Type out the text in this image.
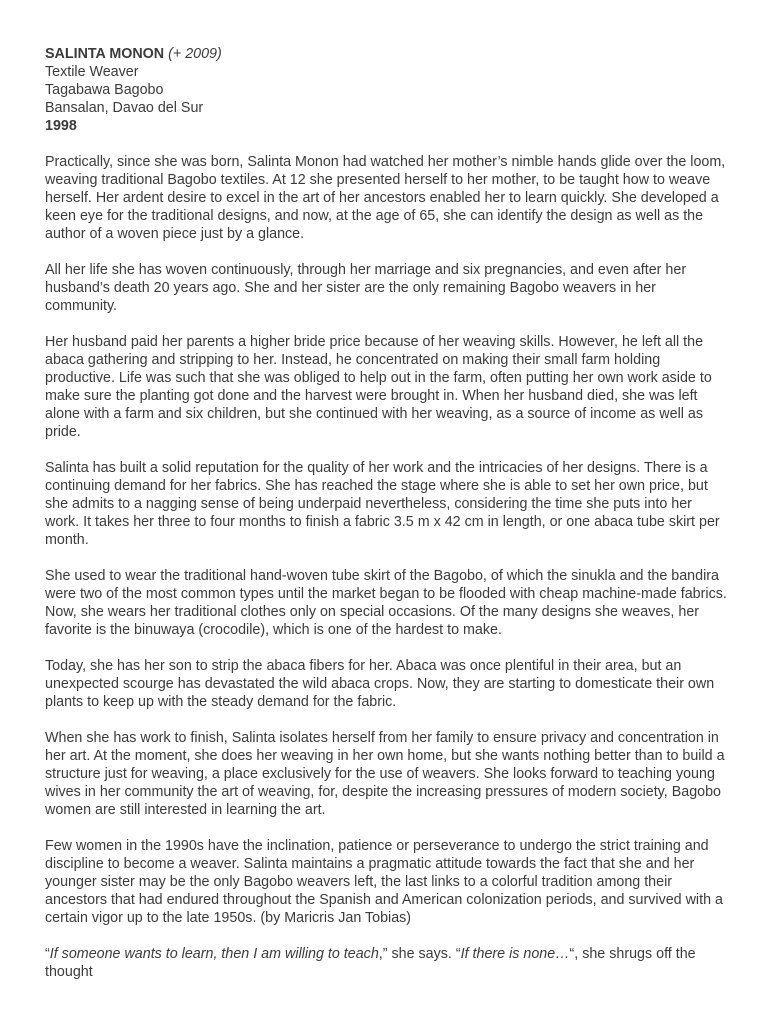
SALINTA MONON (+ 2009)
Textile Weaver
Tagabawa Bagobo
Bansalan, Davao del Sur
1998

Practically, since she was born, Salinta Monon had watched her mother’s nimble hands glide over the loom, weaving traditional Bagobo textiles. At 12 she presented herself to her mother, to be taught how to weave herself. Her ardent desire to excel in the art of her ancestors enabled her to learn quickly. She developed a keen eye for the traditional designs, and now, at the age of 65, she can identify the design as well as the author of a woven piece just by a glance.

All her life she has woven continuously, through her marriage and six pregnancies, and even after her husband’s death 20 years ago. She and her sister are the only remaining Bagobo weavers in her community.

Her husband paid her parents a higher bride price because of her weaving skills. However, he left all the abaca gathering and stripping to her. Instead, he concentrated on making their small farm holding productive. Life was such that she was obliged to help out in the farm, often putting her own work aside to make sure the planting got done and the harvest were brought in. When her husband died, she was left alone with a farm and six children, but she continued with her weaving, as a source of income as well as pride.

Salinta has built a solid reputation for the quality of her work and the intricacies of her designs. There is a continuing demand for her fabrics. She has reached the stage where she is able to set her own price, but she admits to a nagging sense of being underpaid nevertheless, considering the time she puts into her work. It takes her three to four months to finish a fabric 3.5 m x 42 cm in length, or one abaca tube skirt per month.

She used to wear the traditional hand-woven tube skirt of the Bagobo, of which the sinukla and the bandira were two of the most common types until the market began to be flooded with cheap machine-made fabrics. Now, she wears her traditional clothes only on special occasions. Of the many designs she weaves, her favorite is the binuwaya (crocodile), which is one of the hardest to make.

Today, she has her son to strip the abaca fibers for her. Abaca was once plentiful in their area, but an unexpected scourge has devastated the wild abaca crops. Now, they are starting to domesticate their own plants to keep up with the steady demand for the fabric.

When she has work to finish, Salinta isolates herself from her family to ensure privacy and concentration in her art. At the moment, she does her weaving in her own home, but she wants nothing better than to build a structure just for weaving, a place exclusively for the use of weavers. She looks forward to teaching young wives in her community the art of weaving, for, despite the increasing pressures of modern society, Bagobo women are still interested in learning the art.

Few women in the 1990s have the inclination, patience or perseverance to undergo the strict training and discipline to become a weaver. Salinta maintains a pragmatic attitude towards the fact that she and her younger sister may be the only Bagobo weavers left, the last links to a colorful tradition among their ancestors that had endured throughout the Spanish and American colonization periods, and survived with a certain vigor up to the late 1950s. (by Maricris Jan Tobias)

“If someone wants to learn, then I am willing to teach,” she says. “If there is none…“, she shrugs off the thought
